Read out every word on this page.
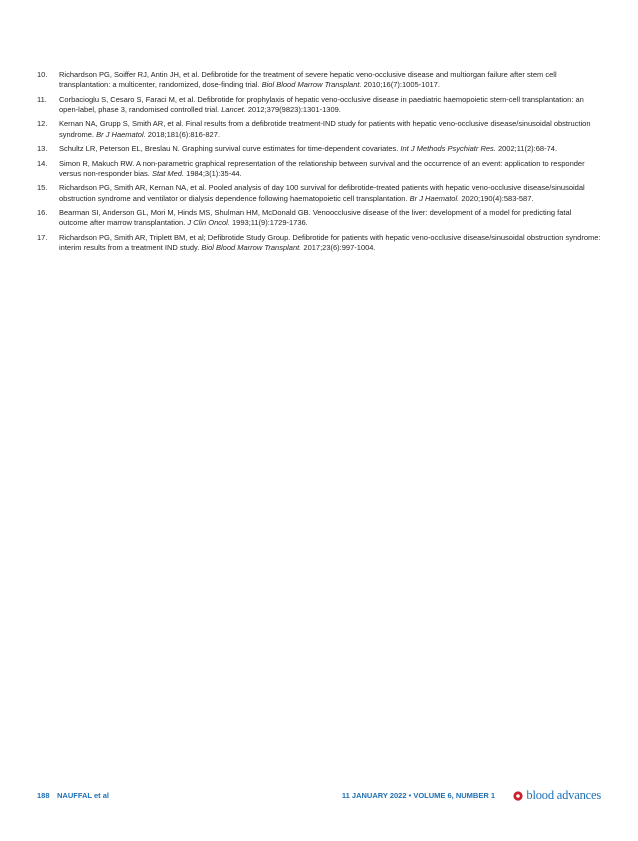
10. Richardson PG, Soiffer RJ, Antin JH, et al. Defibrotide for the treatment of severe hepatic veno-occlusive disease and multiorgan failure after stem cell transplantation: a multicenter, randomized, dose-finding trial. Biol Blood Marrow Transplant. 2010;16(7):1005-1017.
11. Corbacioglu S, Cesaro S, Faraci M, et al. Defibrotide for prophylaxis of hepatic veno-occlusive disease in paediatric haemopoietic stem-cell transplantation: an open-label, phase 3, randomised controlled trial. Lancet. 2012;379(9823):1301-1309.
12. Kernan NA, Grupp S, Smith AR, et al. Final results from a defibrotide treatment-IND study for patients with hepatic veno-occlusive disease/sinusoidal obstruction syndrome. Br J Haematol. 2018;181(6):816-827.
13. Schultz LR, Peterson EL, Breslau N. Graphing survival curve estimates for time-dependent covariates. Int J Methods Psychiatr Res. 2002;11(2):68-74.
14. Simon R, Makuch RW. A non-parametric graphical representation of the relationship between survival and the occurrence of an event: application to responder versus non-responder bias. Stat Med. 1984;3(1):35-44.
15. Richardson PG, Smith AR, Kernan NA, et al. Pooled analysis of day 100 survival for defibrotide-treated patients with hepatic veno-occlusive disease/sinusoidal obstruction syndrome and ventilator or dialysis dependence following haematopoietic cell transplantation. Br J Haematol. 2020;190(4):583-587.
16. Bearman SI, Anderson GL, Mori M, Hinds MS, Shulman HM, McDonald GB. Venoocclusive disease of the liver: development of a model for predicting fatal outcome after marrow transplantation. J Clin Oncol. 1993;11(9):1729-1736.
17. Richardson PG, Smith AR, Triplett BM, et al; Defibrotide Study Group. Defibrotide for patients with hepatic veno-occlusive disease/sinusoidal obstruction syndrome: interim results from a treatment IND study. Biol Blood Marrow Transplant. 2017;23(6):997-1004.
188 NAUFFAL et al	11 JANUARY 2022 • VOLUME 6, NUMBER 1	blood advances
